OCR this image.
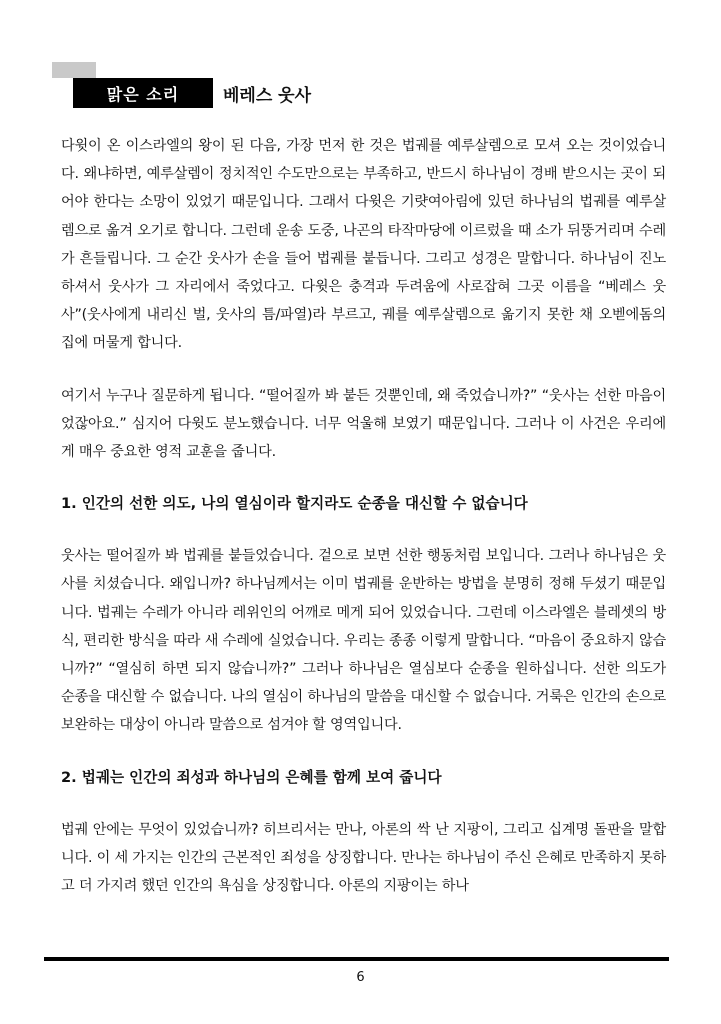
맑은 소리	베레스 웃사

다윗이 온 이스라엘의 왕이 된 다음, 가장 먼저 한 것은 법궤를 예루살렘으로 모셔 오는 것이었습니다. 왜냐하면, 예루살렘이 정치적인 수도만으로는 부족하고, 반드시 하나님이 경배 받으시는 곳이 되어야 한다는 소망이 있었기 때문입니다. 그래서 다윗은 기럇여아림에 있던 하나님의 법궤를 예루살렘으로 옮겨 오기로 합니다. 그런데 운송 도중, 나곤의 타작마당에 이르렀을 때 소가 뒤뚱거리며 수레가 흔들립니다. 그 순간 웃사가 손을 들어 법궤를 붙듭니다. 그리고 성경은 말합니다. 하나님이 진노하셔서 웃사가 그 자리에서 죽었다고. 다윗은 충격과 두려움에 사로잡혀 그곳 이름을 “베레스 웃사”(웃사에게 내리신 벌, 웃사의 틈/파열)라 부르고, 궤를 예루살렘으로 옮기지 못한 채 오벧에돔의 집에 머물게 합니다.

여기서 누구나 질문하게 됩니다. “떨어질까 봐 붙든 것뿐인데, 왜 죽었습니까?” “웃사는 선한 마음이었잖아요.” 심지어 다윗도 분노했습니다. 너무 억울해 보였기 때문입니다. 그러나 이 사건은 우리에게 매우 중요한 영적 교훈을 줍니다.

1. 인간의 선한 의도, 나의 열심이라 할지라도 순종을 대신할 수 없습니다

웃사는 떨어질까 봐 법궤를 붙들었습니다. 겉으로 보면 선한 행동처럼 보입니다. 그러나 하나님은 웃사를 치셨습니다. 왜입니까? 하나님께서는 이미 법궤를 운반하는 방법을 분명히 정해 두셨기 때문입니다. 법궤는 수레가 아니라 레위인의 어깨로 메게 되어 있었습니다. 그런데 이스라엘은 블레셋의 방식, 편리한 방식을 따라 새 수레에 실었습니다. 우리는 종종 이렇게 말합니다. “마음이 중요하지 않습니까?” “열심히 하면 되지 않습니까?” 그러나 하나님은 열심보다 순종을 원하십니다. 선한 의도가 순종을 대신할 수 없습니다. 나의 열심이 하나님의 말씀을 대신할 수 없습니다. 거룩은 인간의 손으로 보완하는 대상이 아니라 말씀으로 섬겨야 할 영역입니다.

2. 법궤는 인간의 죄성과 하나님의 은혜를 함께 보여 줍니다

법궤 안에는 무엇이 있었습니까? 히브리서는 만나, 아론의 싹 난 지팡이, 그리고 십계명 돌판을 말합니다. 이 세 가지는 인간의 근본적인 죄성을 상징합니다. 만나는 하나님이 주신 은혜로 만족하지 못하고 더 가지려 했던 인간의 욕심을 상징합니다. 아론의 지팡이는 하나

6
